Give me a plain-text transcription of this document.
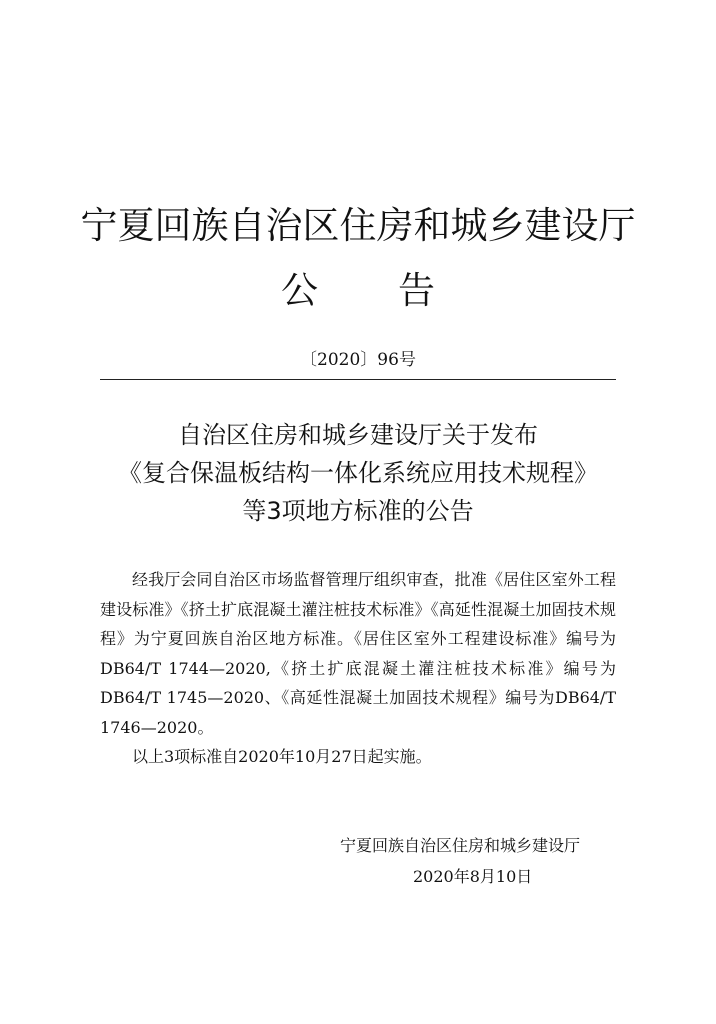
宁夏回族自治区住房和城乡建设厅
公 告
〔2020〕96号
自治区住房和城乡建设厅关于发布
《复合保温板结构一体化系统应用技术规程》
等3项地方标准的公告

经我厅会同自治区市场监督管理厅组织审查，批准《居住区室外工程建设标准》《挤土扩底混凝土灌注桩技术标准》《高延性混凝土加固技术规程》为宁夏回族自治区地方标准。《居住区室外工程建设标准》编号为DB64/T 1744—2020,《挤土扩底混凝土灌注桩技术标准》编号为DB64/T 1745—2020、《高延性混凝土加固技术规程》编号为DB64/T 1746—2020。

以上3项标准自2020年10月27日起实施。

宁夏回族自治区住房和城乡建设厅
2020年8月10日
